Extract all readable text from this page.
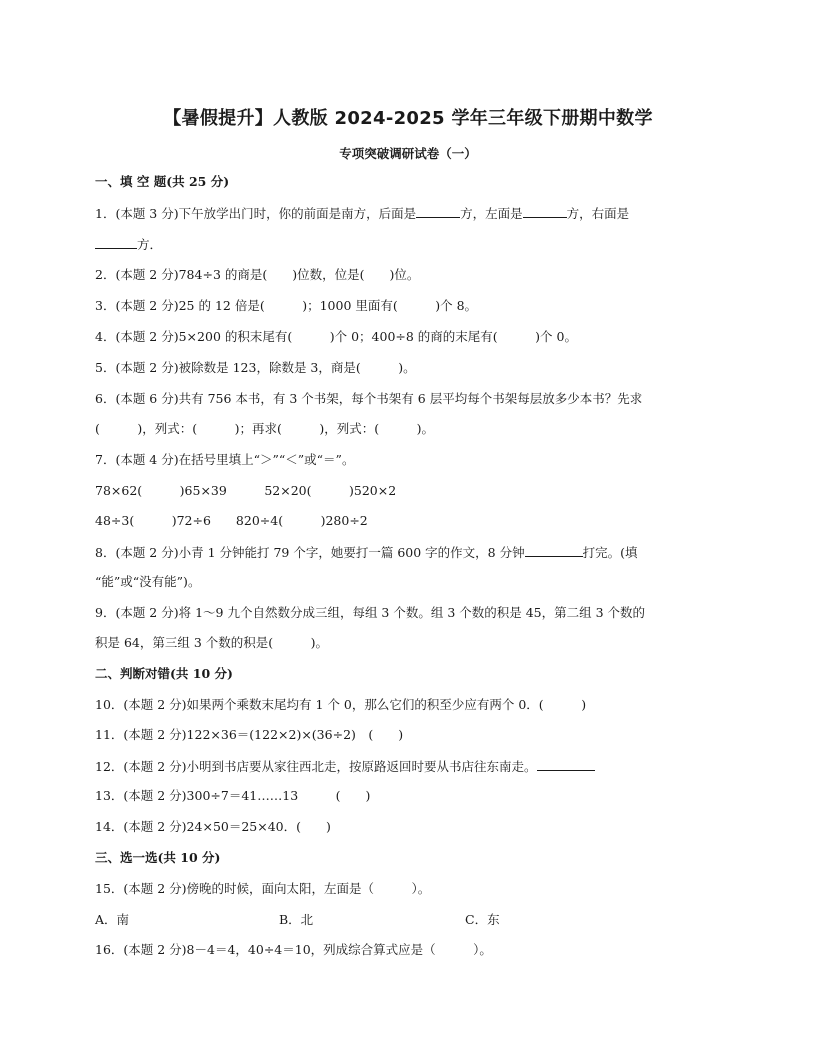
【暑假提升】人教版 2024-2025 学年三年级下册期中数学
专项突破调研试卷（一）
一、填 空 题(共 25 分)
1．(本题 3 分)下午放学出门时，你的前面是南方，后面是	方，左面是	方，右面是
方．
2．(本题 2 分)784÷3 的商是(　　)位数，位是(　　)位。
3．(本题 2 分)25 的 12 倍是(　　　)；1000 里面有(　　　)个 8。
4．(本题 2 分)5×200 的积末尾有(　　　)个 0；400÷8 的商的末尾有(　　　)个 0。
5．(本题 2 分)被除数是 123，除数是 3，商是(　　　)。
6．(本题 6 分)共有 756 本书，有 3 个书架，每个书架有 6 层平均每个书架每层放多少本书？先求
(　　　)，列式：(　　　)；再求(　　　)，列式：(　　　)。
7．(本题 4 分)在括号里填上“＞”“＜”或“＝”。
78×62(　　　)65×39　　　52×20(　　　)520×2
48÷3(　　　)72÷6　　820÷4(　　　)280÷2
8．(本题 2 分)小青 1 分钟能打 79 个字，她要打一篇 600 字的作文，8 分钟	打完。(填
“能”或“没有能”)。
9．(本题 2 分)将 1～9 九个自然数分成三组，每组 3 个数。组 3 个数的积是 45，第二组 3 个数的
积是 64，第三组 3 个数的积是(　　　)。
二、判断对错(共 10 分)
10．(本题 2 分)如果两个乘数末尾均有 1 个 0，那么它们的积至少应有两个 0．(　　　)
11．(本题 2 分)122×36＝(122×2)×(36÷2)　(　　)
12．(本题 2 分)小明到书店要从家往西北走，按原路返回时要从书店往东南走。
13．(本题 2 分)300÷7＝41……13　　　(　　)
14．(本题 2 分)24×50＝25×40．(　　)
三、选一选(共 10 分)
15．(本题 2 分)傍晚的时候，面向太阳，左面是（　　　）。
A．南	B．北	C．东
16．(本题 2 分)8－4＝4，40÷4＝10，列成综合算式应是（　　　）。
